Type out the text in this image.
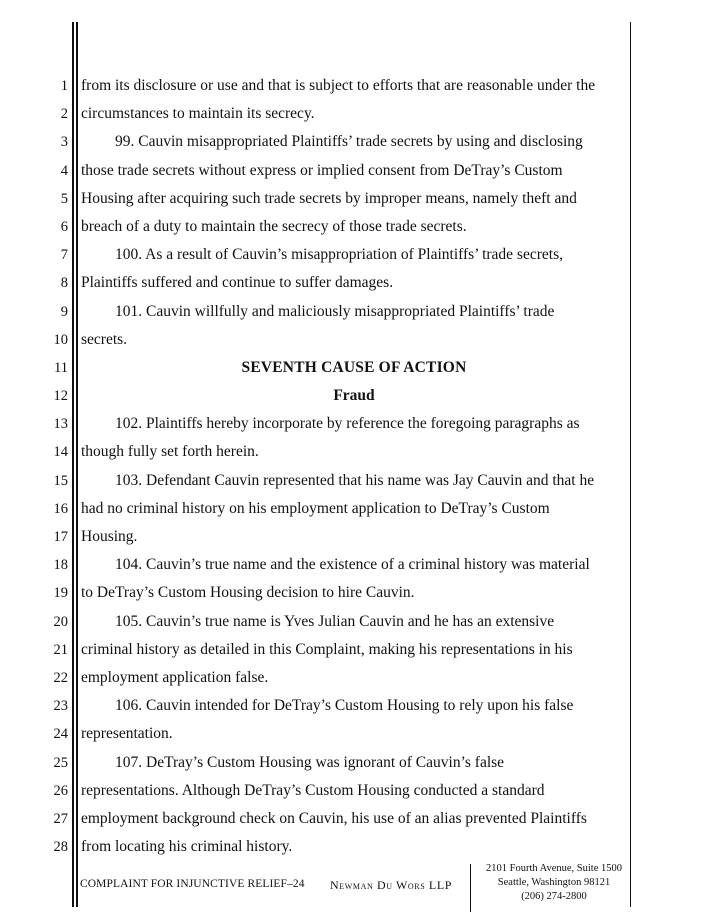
1
2
3
4
5
6
7
8
9
10
11
12
13
14
15
16
17
18
19
20
21
22
23
24
25
26
27
28
from its disclosure or use and that is subject to efforts that are reasonable under the
circumstances to maintain its secrecy.
99. Cauvin misappropriated Plaintiffs’ trade secrets by using and disclosing
those trade secrets without express or implied consent from DeTray’s Custom
Housing after acquiring such trade secrets by improper means, namely theft and
breach of a duty to maintain the secrecy of those trade secrets.
100. As a result of Cauvin’s misappropriation of Plaintiffs’ trade secrets,
Plaintiffs suffered and continue to suffer damages.
101. Cauvin willfully and maliciously misappropriated Plaintiffs’ trade
secrets.
SEVENTH CAUSE OF ACTION
Fraud
102. Plaintiffs hereby incorporate by reference the foregoing paragraphs as
though fully set forth herein.
103. Defendant Cauvin represented that his name was Jay Cauvin and that he
had no criminal history on his employment application to DeTray’s Custom
Housing.
104. Cauvin’s true name and the existence of a criminal history was material
to DeTray’s Custom Housing decision to hire Cauvin.
105. Cauvin’s true name is Yves Julian Cauvin and he has an extensive
criminal history as detailed in this Complaint, making his representations in his
employment application false.
106. Cauvin intended for DeTray’s Custom Housing to rely upon his false
representation.
107. DeTray’s Custom Housing was ignorant of Cauvin’s false
representations. Although DeTray’s Custom Housing conducted a standard
employment background check on Cauvin, his use of an alias prevented Plaintiffs
from locating his criminal history.
COMPLAINT FOR INJUNCTIVE RELIEF–24 Newman Du Wors LLP
2101 Fourth Avenue, Suite 1500
Seattle, Washington 98121
(206) 274-2800
